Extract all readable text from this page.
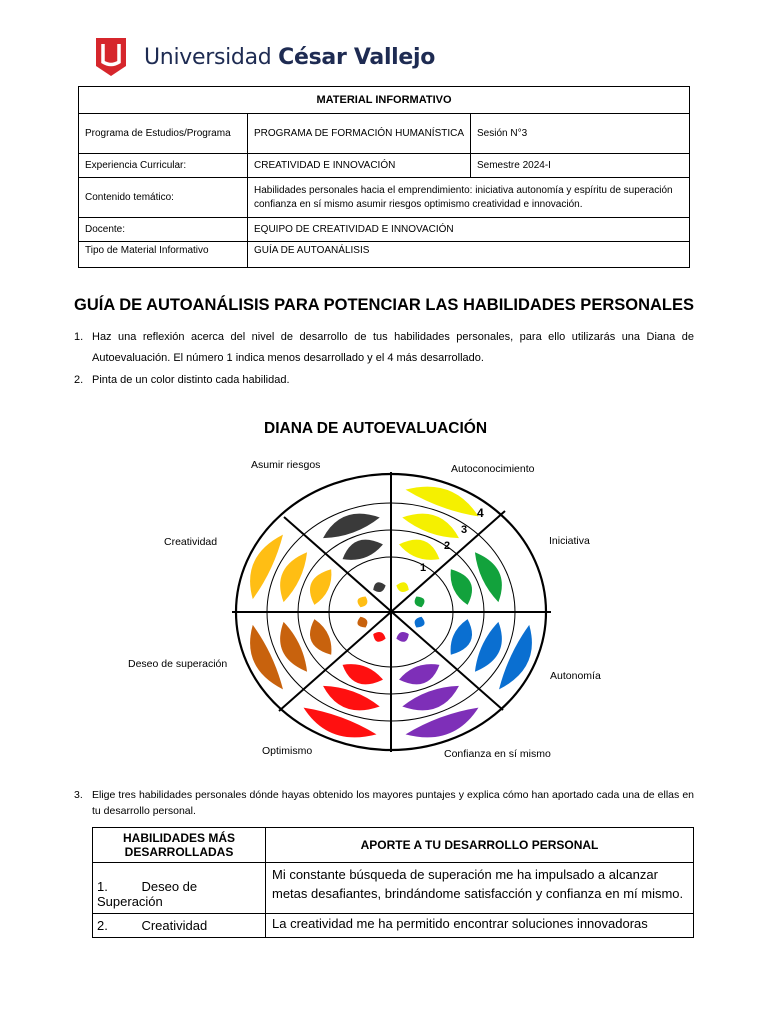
Universidad César Vallejo
MATERIAL INFORMATIVO		
Programa de Estudios/Programa	PROGRAMA DE FORMACIÓN HUMANÍSTICA	Sesión N°3
Experiencia Curricular:	CREATIVIDAD E INNOVACIÓN	Semestre 2024-I
Contenido temático:	Habilidades personales hacia el emprendimiento: iniciativa autonomía y espíritu de superación confianza en sí mismo asumir riesgos optimismo creatividad e innovación.	
Docente:	EQUIPO DE CREATIVIDAD E INNOVACIÓN	
Tipo de Material Informativo	GUÍA DE AUTOANÁLISIS	
GUÍA DE AUTOANÁLISIS PARA POTENCIAR LAS HABILIDADES PERSONALES
1. Haz una reflexión acerca del nivel de desarrollo de tus habilidades personales, para ello utilizarás una Diana de Autoevaluación. El número 1 indica menos desarrollado y el 4 más desarrollado.
2. Pinta de un color distinto cada habilidad.
DIANA DE AUTOEVALUACIÓN
1
2
3
4
Asumir riesgos	Autoconocimiento
Iniciativa
Creatividad
Autonomía
Deseo de superación
Optimismo	Confianza en sí mismo
3. Elige tres habilidades personales dónde hayas obtenido los mayores puntajes y explica cómo han aportado cada una de ellas en tu desarrollo personal.
HABILIDADES MÁS DESARROLLADAS	APORTE A TU DESARROLLO PERSONAL
1. Deseo de Superación	Mi constante búsqueda de superación me ha impulsado a alcanzar metas desafiantes, brindándome satisfacción y confianza en mí mismo.
2. Creatividad	La creatividad me ha permitido encontrar soluciones innovadoras
